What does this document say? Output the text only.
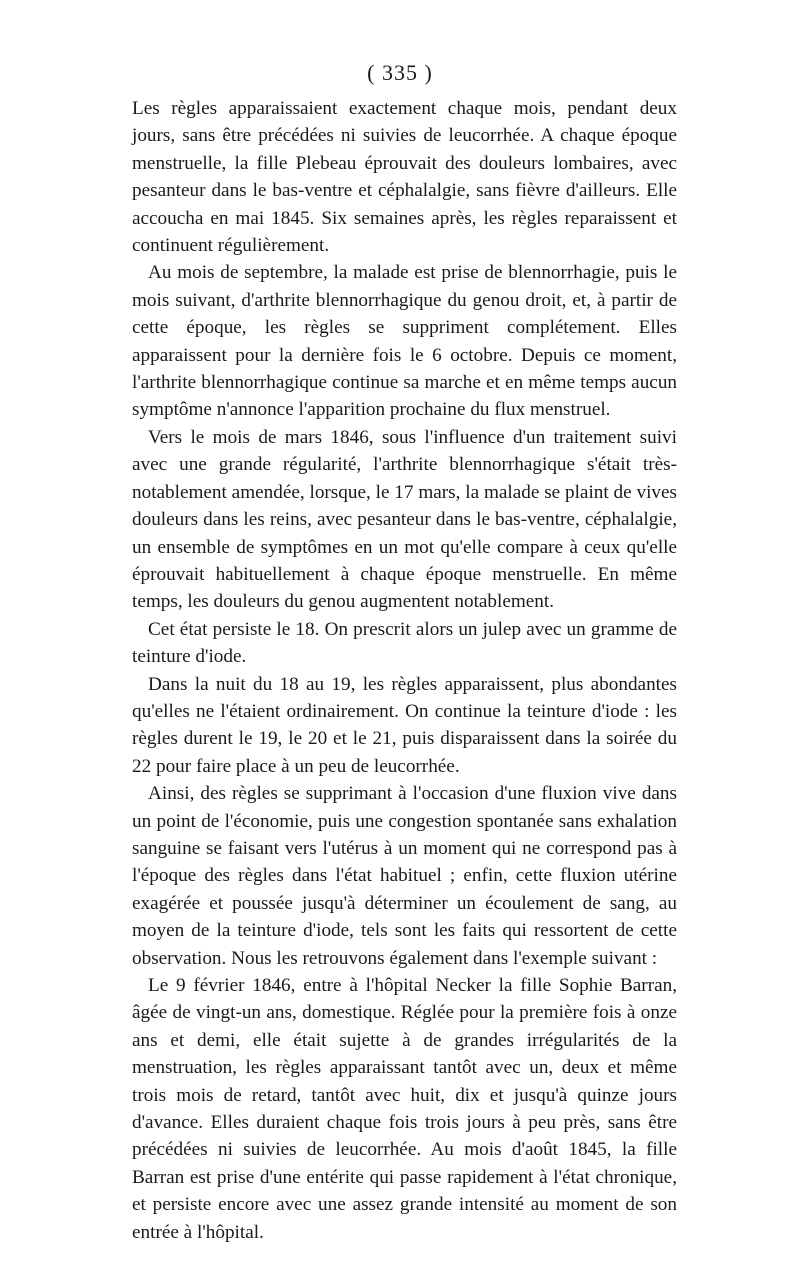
( 335 )

Les règles apparaissaient exactement chaque mois, pendant deux jours, sans être précédées ni suivies de leucorrhée. A chaque époque menstruelle, la fille Plebeau éprouvait des douleurs lombaires, avec pesanteur dans le bas-ventre et céphalalgie, sans fièvre d'ailleurs. Elle accoucha en mai 1845. Six semaines après, les règles reparaissent et continuent régulièrement.

Au mois de septembre, la malade est prise de blennorrhagie, puis le mois suivant, d'arthrite blennorrhagique du genou droit, et, à partir de cette époque, les règles se suppriment complétement. Elles apparaissent pour la dernière fois le 6 octobre. Depuis ce moment, l'arthrite blennorrhagique continue sa marche et en même temps aucun symptôme n'annonce l'apparition prochaine du flux menstruel.

Vers le mois de mars 1846, sous l'influence d'un traitement suivi avec une grande régularité, l'arthrite blennorrhagique s'était très-notablement amendée, lorsque, le 17 mars, la malade se plaint de vives douleurs dans les reins, avec pesanteur dans le bas-ventre, céphalalgie, un ensemble de symptômes en un mot qu'elle compare à ceux qu'elle éprouvait habituellement à chaque époque menstruelle. En même temps, les douleurs du genou augmentent notablement.

Cet état persiste le 18. On prescrit alors un julep avec un gramme de teinture d'iode.

Dans la nuit du 18 au 19, les règles apparaissent, plus abondantes qu'elles ne l'étaient ordinairement. On continue la teinture d'iode : les règles durent le 19, le 20 et le 21, puis disparaissent dans la soirée du 22 pour faire place à un peu de leucorrhée.

Ainsi, des règles se supprimant à l'occasion d'une fluxion vive dans un point de l'économie, puis une congestion spontanée sans exhalation sanguine se faisant vers l'utérus à un moment qui ne correspond pas à l'époque des règles dans l'état habituel ; enfin, cette fluxion utérine exagérée et poussée jusqu'à déterminer un écoulement de sang, au moyen de la teinture d'iode, tels sont les faits qui ressortent de cette observation. Nous les retrouvons également dans l'exemple suivant :

Le 9 février 1846, entre à l'hôpital Necker la fille Sophie Barran, âgée de vingt-un ans, domestique. Réglée pour la première fois à onze ans et demi, elle était sujette à de grandes irrégularités de la menstruation, les règles apparaissant tantôt avec un, deux et même trois mois de retard, tantôt avec huit, dix et jusqu'à quinze jours d'avance. Elles duraient chaque fois trois jours à peu près, sans être précédées ni suivies de leucorrhée. Au mois d'août 1845, la fille Barran est prise d'une entérite qui passe rapidement à l'état chronique, et persiste encore avec une assez grande intensité au moment de son entrée à l'hôpital.
